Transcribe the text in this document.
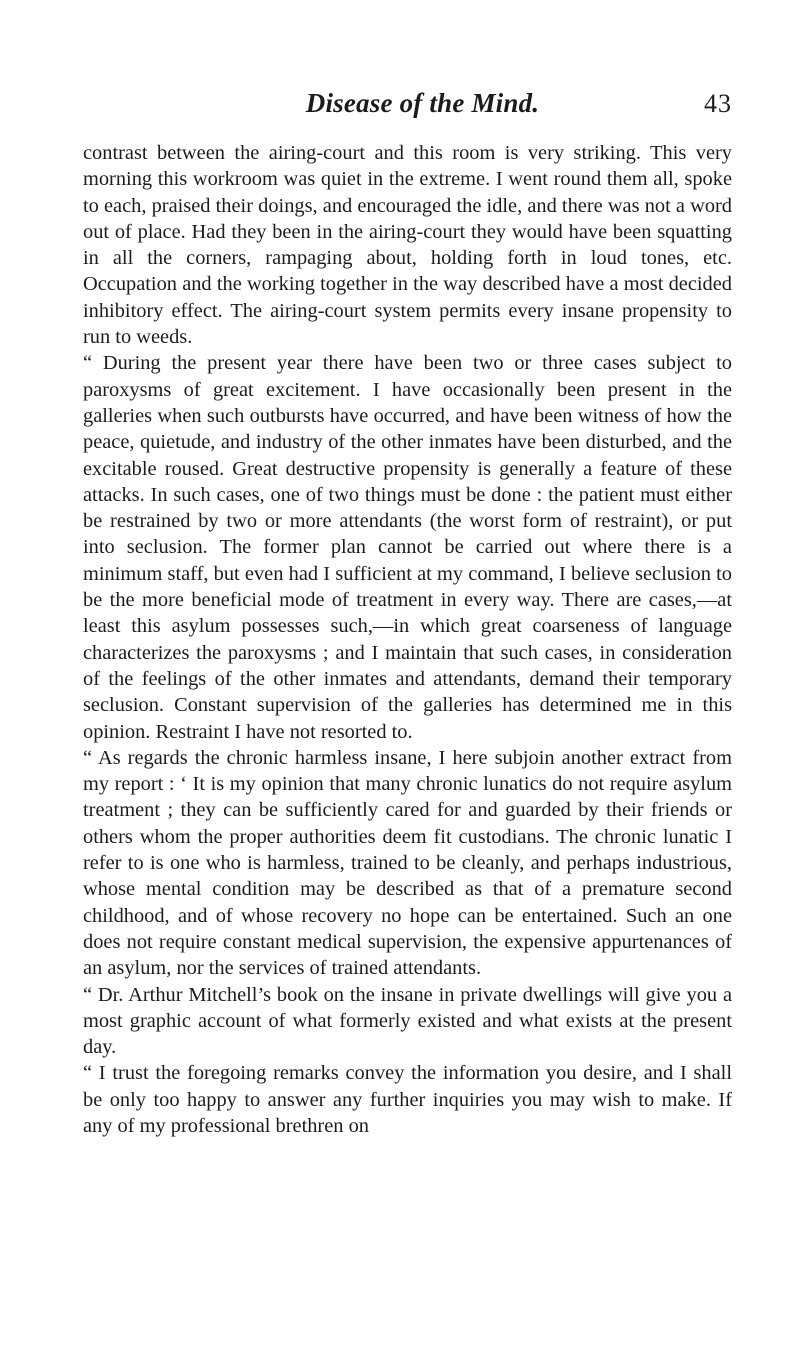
Disease of the Mind.	43

contrast between the airing-court and this room is very striking. This very morning this workroom was quiet in the extreme. I went round them all, spoke to each, praised their doings, and encouraged the idle, and there was not a word out of place. Had they been in the airing-court they would have been squatting in all the corners, rampaging about, holding forth in loud tones, etc. Occupation and the working together in the way described have a most decided inhibitory effect. The airing-court system permits every insane propensity to run to weeds.

“ During the present year there have been two or three cases subject to paroxysms of great excitement. I have occasionally been present in the galleries when such outbursts have occurred, and have been witness of how the peace, quietude, and industry of the other inmates have been disturbed, and the excitable roused. Great destructive propensity is generally a feature of these attacks. In such cases, one of two things must be done : the patient must either be restrained by two or more attendants (the worst form of restraint), or put into seclusion. The former plan cannot be carried out where there is a minimum staff, but even had I sufficient at my command, I believe seclusion to be the more beneficial mode of treatment in every way. There are cases,—at least this asylum possesses such,—in which great coarseness of language characterizes the paroxysms ; and I maintain that such cases, in consideration of the feelings of the other inmates and attendants, demand their temporary seclusion. Constant supervision of the galleries has determined me in this opinion. Restraint I have not resorted to.

“ As regards the chronic harmless insane, I here subjoin another extract from my report : ‘ It is my opinion that many chronic lunatics do not require asylum treatment ; they can be sufficiently cared for and guarded by their friends or others whom the proper authorities deem fit custodians. The chronic lunatic I refer to is one who is harmless, trained to be cleanly, and perhaps industrious, whose mental condition may be described as that of a premature second childhood, and of whose recovery no hope can be entertained. Such an one does not require constant medical supervision, the expensive appurtenances of an asylum, nor the services of trained attendants.

“ Dr. Arthur Mitchell’s book on the insane in private dwellings will give you a most graphic account of what formerly existed and what exists at the present day.

“ I trust the foregoing remarks convey the information you desire, and I shall be only too happy to answer any further inquiries you may wish to make. If any of my professional brethren on
